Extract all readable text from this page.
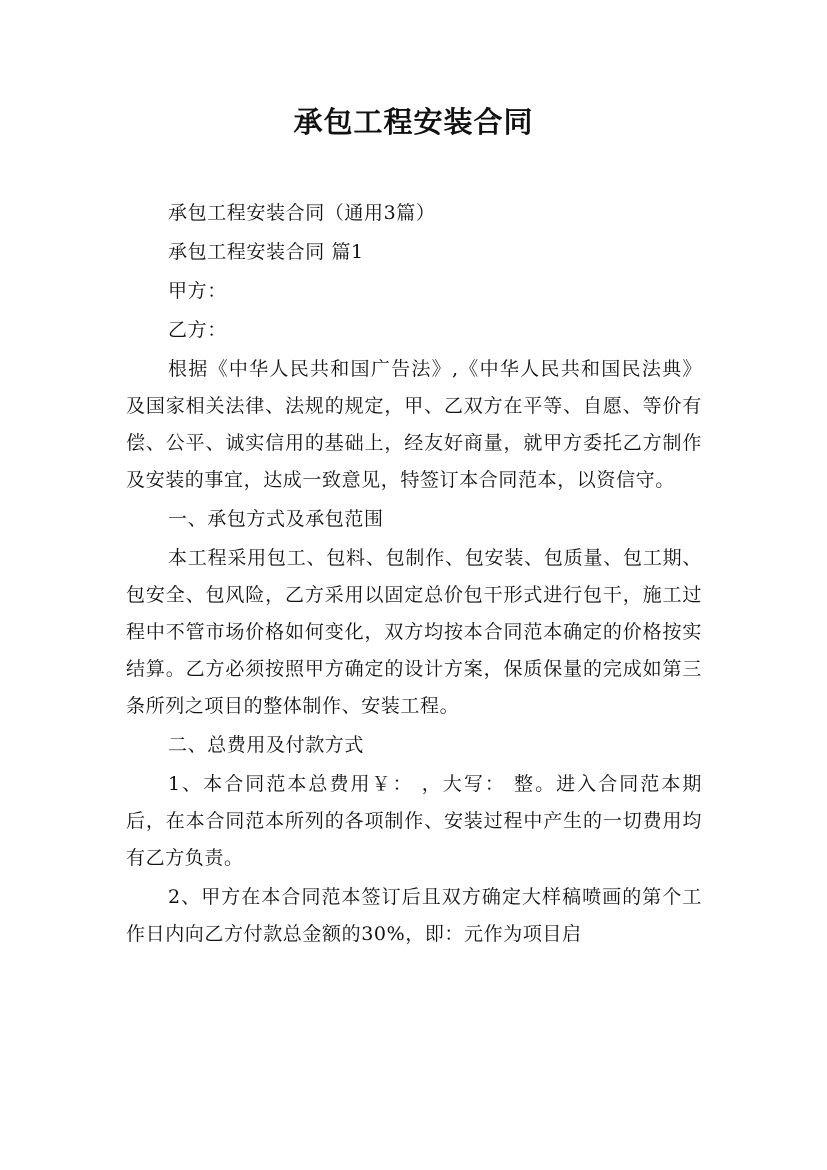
承包工程安装合同

承包工程安装合同（通用3篇）

承包工程安装合同 篇1

甲方：

乙方：

根据《中华人民共和国广告法》,《中华人民共和国民法典》及国家相关法律、法规的规定，甲、乙双方在平等、自愿、等价有偿、公平、诚实信用的基础上，经友好商量，就甲方委托乙方制作及安装的事宜，达成一致意见，特签订本合同范本，以资信守。

一、承包方式及承包范围

本工程采用包工、包料、包制作、包安装、包质量、包工期、包安全、包风险，乙方采用以固定总价包干形式进行包干，施工过程中不管市场价格如何变化，双方均按本合同范本确定的价格按实结算。乙方必须按照甲方确定的设计方案，保质保量的完成如第三条所列之项目的整体制作、安装工程。

二、总费用及付款方式

1、本合同范本总费用￥： ，大写： 整。进入合同范本期后，在本合同范本所列的各项制作、安装过程中产生的一切费用均有乙方负责。

2、甲方在本合同范本签订后且双方确定大样稿喷画的第个工作日内向乙方付款总金额的30%，即：元作为项目启
